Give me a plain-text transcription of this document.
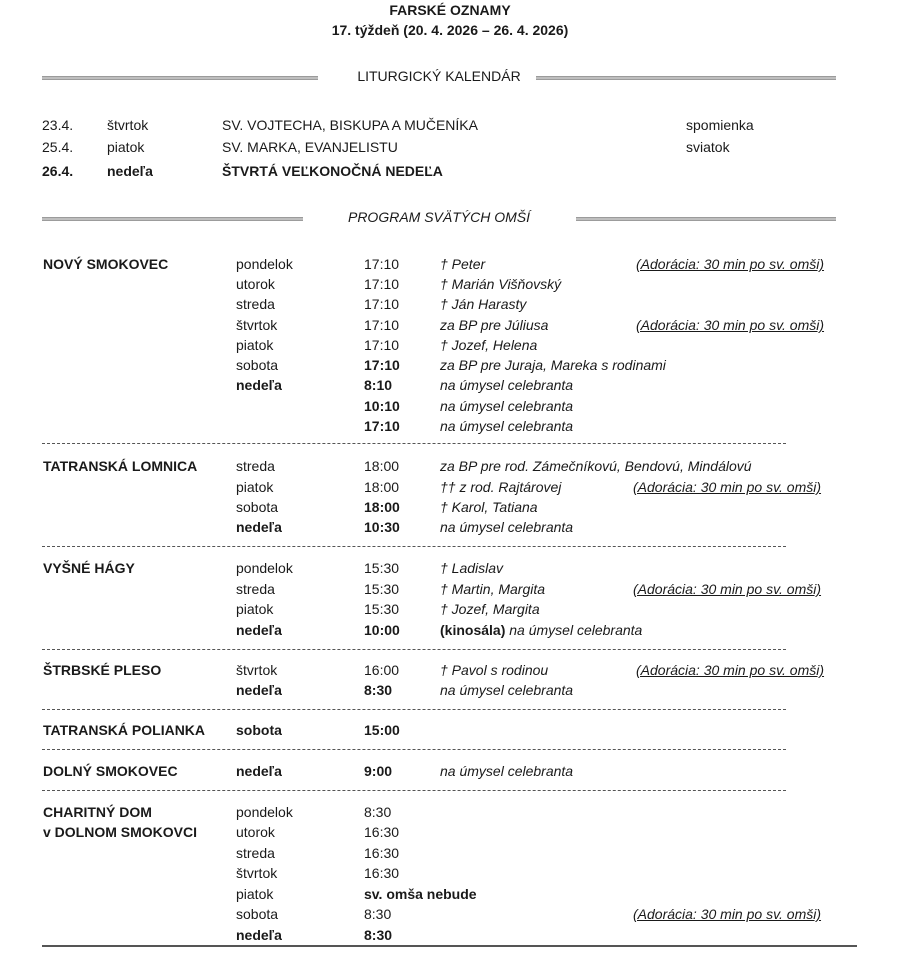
FARSKÉ OZNAMY
17. týždeň (20. 4. 2026 – 26. 4. 2026)
LITURGICKÝ KALENDÁR
23.4. štvrtok	SV. VOJTECHA, BISKUPA A MUČENÍKA	spomienka
25.4. piatok	SV. MARKA, EVANJELISTU	sviatok
26.4. nedeľa	ŠTVRTÁ VEĽKONOČNÁ NEDEĽA
PROGRAM SVÄTÝCH OMŠÍ
NOVÝ SMOKOVEC	pondelok	17:10	† Peter	(Adorácia: 30 min po sv. omši)
utorok	17:10	† Marián Višňovský
streda	17:10	† Ján Harasty
štvrtok	17:10	za BP pre Júliusa	(Adorácia: 30 min po sv. omši)
piatok	17:10	† Jozef, Helena
sobota	17:10	za BP pre Juraja, Mareka s rodinami
nedeľa	8:10	na úmysel celebranta
10:10	na úmysel celebranta
17:10	na úmysel celebranta
TATRANSKÁ LOMNICA	streda	18:00	za BP pre rod. Zámečníkovú, Bendovú, Mindálovú
piatok	18:00	†† z rod. Rajtárovej	(Adorácia: 30 min po sv. omši)
sobota	18:00	† Karol, Tatiana
nedeľa	10:30	na úmysel celebranta
VYŠNÉ HÁGY	pondelok	15:30	† Ladislav
streda	15:30	† Martin, Margita	(Adorácia: 30 min po sv. omši)
piatok	15:30	† Jozef, Margita
nedeľa	10:00	(kinosála) na úmysel celebranta
ŠTRBSKÉ PLESO	štvrtok	16:00	† Pavol s rodinou	(Adorácia: 30 min po sv. omši)
nedeľa	8:30	na úmysel celebranta
TATRANSKÁ POLIANKA sobota	15:00
DOLNÝ SMOKOVEC	nedeľa	9:00	na úmysel celebranta
CHARITNÝ DOM
v DOLNOM SMOKOVCI
pondelok	8:30
utorok	16:30
streda	16:30
štvrtok	16:30
piatok	sv. omša nebude
sobota	8:30	(Adorácia: 30 min po sv. omši)
nedeľa	8:30
